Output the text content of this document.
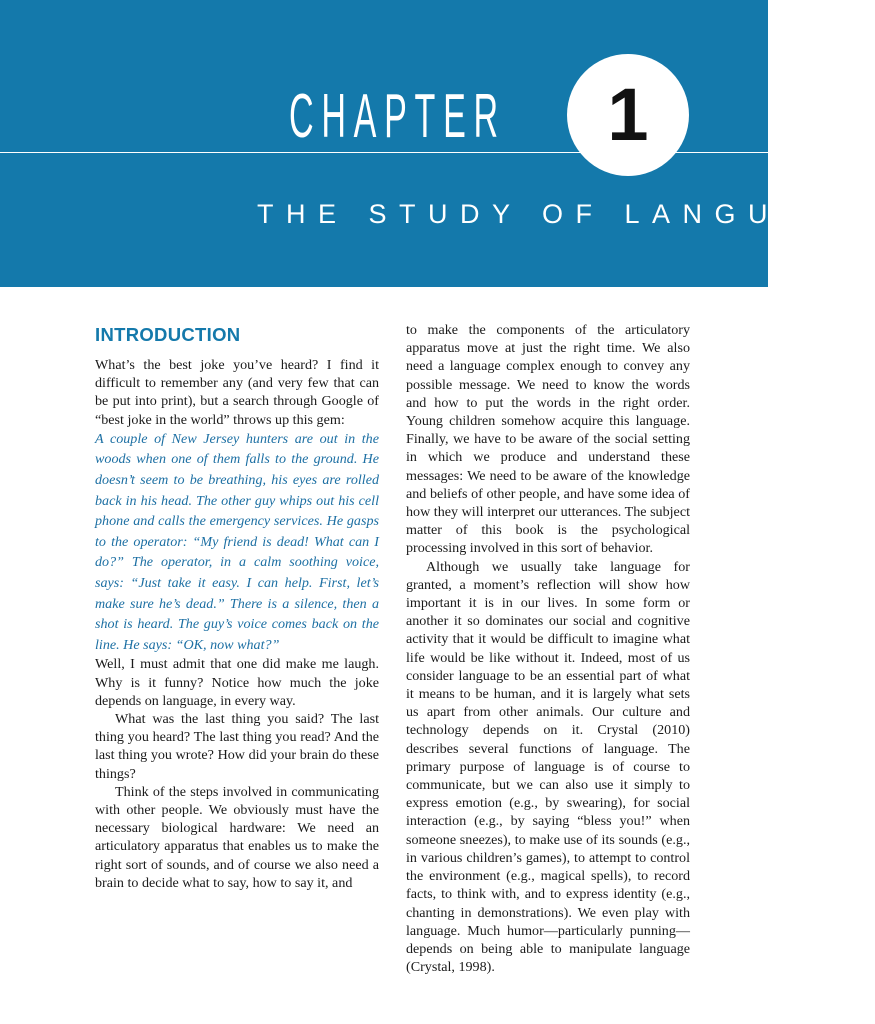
CHAPTER	1
THE STUDY OF LANGUAGE
INTRODUCTION

What’s the best joke you’ve heard? I find it difficult to remember any (and very few that can be put into print), but a search through Google of “best joke in the world” throws up this gem:

A couple of New Jersey hunters are out in the woods when one of them falls to the ground. He doesn’t seem to be breathing, his eyes are rolled back in his head. The other guy whips out his cell phone and calls the emergency services. He gasps to the operator: “My friend is dead! What can I do?” The operator, in a calm soothing voice, says: “Just take it easy. I can help. First, let’s make sure he’s dead.” There is a silence, then a shot is heard. The guy’s voice comes back on the line. He says: “OK, now what?”

Well, I must admit that one did make me laugh. Why is it funny? Notice how much the joke depends on language, in every way.

What was the last thing you said? The last thing you heard? The last thing you read? And the last thing you wrote? How did your brain do these things?

Think of the steps involved in communicating with other people. We obviously must have the necessary biological hardware: We need an articulatory apparatus that enables us to make the right sort of sounds, and of course we also need a brain to decide what to say, how to say it, and

to make the components of the articulatory apparatus move at just the right time. We also need a language complex enough to convey any possible message. We need to know the words and how to put the words in the right order. Young children somehow acquire this language. Finally, we have to be aware of the social setting in which we produce and understand these messages: We need to be aware of the knowledge and beliefs of other people, and have some idea of how they will interpret our utterances. The subject matter of this book is the psychological processing involved in this sort of behavior.

Although we usually take language for granted, a moment’s reflection will show how important it is in our lives. In some form or another it so dominates our social and cognitive activity that it would be difficult to imagine what life would be like without it. Indeed, most of us consider language to be an essential part of what it means to be human, and it is largely what sets us apart from other animals. Our culture and technology depends on it. Crystal (2010) describes several functions of language. The primary purpose of language is of course to communicate, but we can also use it simply to express emotion (e.g., by swearing), for social interaction (e.g., by saying “bless you!” when someone sneezes), to make use of its sounds (e.g., in various children’s games), to attempt to control the environment (e.g., magical spells), to record facts, to think with, and to express identity (e.g., chanting in demonstrations). We even play with language. Much humor—particularly punning—depends on being able to manipulate language (Crystal, 1998).
